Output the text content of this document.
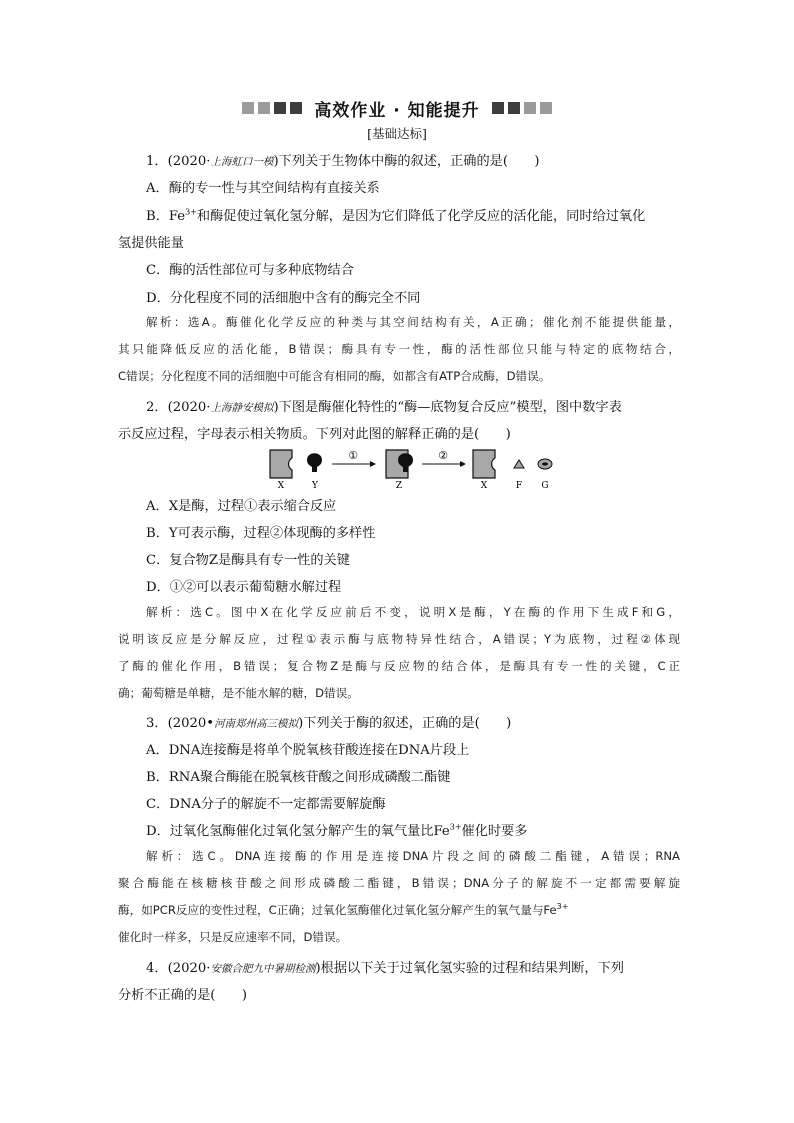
高效作业 · 知能提升
[基础达标]
1．(2020·上海虹口一模)下列关于生物体中酶的叙述，正确的是(　　)
A．酶的专一性与其空间结构有直接关系
B．$Fe^{3+}$和酶促使过氧化氢分解，是因为它们降低了化学反应的活化能，同时给过氧化
氢提供能量
C．酶的活性部位可与多种底物结合
D．分化程度不同的活细胞中含有的酶完全不同
解析：选A。酶催化化学反应的种类与其空间结构有关，A正确；催化剂不能提供能量，
其只能降低反应的活化能，B错误；酶具有专一性，酶的活性部位只能与特定的底物结合，
C错误；分化程度不同的活细胞中可能含有相同的酶，如都含有ATP合成酶，D错误。
2．(2020·上海静安模拟)下图是酶催化特性的“酶—底物复合反应”模型，图中数字表
示反应过程，字母表示相关物质。下列对此图的解释正确的是(　　)
①	②
X	Y	Z	X	F G
A．X是酶，过程①表示缩合反应
B．Y可表示酶，过程②体现酶的多样性
C．复合物Z是酶具有专一性的关键
D．①②可以表示葡萄糖水解过程
解析：选C。图中X在化学反应前后不变，说明X是酶，Y在酶的作用下生成F和G，
说明该反应是分解反应，过程①表示酶与底物特异性结合，A错误；Y为底物，过程②体现
了酶的催化作用，B错误；复合物Z是酶与反应物的结合体，是酶具有专一性的关键，C正
确；葡萄糖是单糖，是不能水解的糖，D错误。
3．(2020•河南郑州高三模拟)下列关于酶的叙述，正确的是(　　)
A．DNA连接酶是将单个脱氧核苷酸连接在DNA片段上
B．RNA聚合酶能在脱氧核苷酸之间形成磷酸二酯键
C．DNA分子的解旋不一定都需要解旋酶
D．过氧化氢酶催化过氧化氢分解产生的氧气量比$Fe^{3+}$催化时要多
解析：选C。DNA连接酶的作用是连接DNA片段之间的磷酸二酯键，A错误；RNA
聚合酶能在核糖核苷酸之间形成磷酸二酯键，B错误；DNA分子的解旋不一定都需要解旋
酶，如PCR反应的变性过程，C正确；过氧化氢酶催化过氧化氢分解产生的氧气量与$Fe^{3+}$
催化时一样多，只是反应速率不同，D错误。
4．(2020·安徽合肥九中暑期检测)根据以下关于过氧化氢实验的过程和结果判断，下列
分析不正确的是(　　)
